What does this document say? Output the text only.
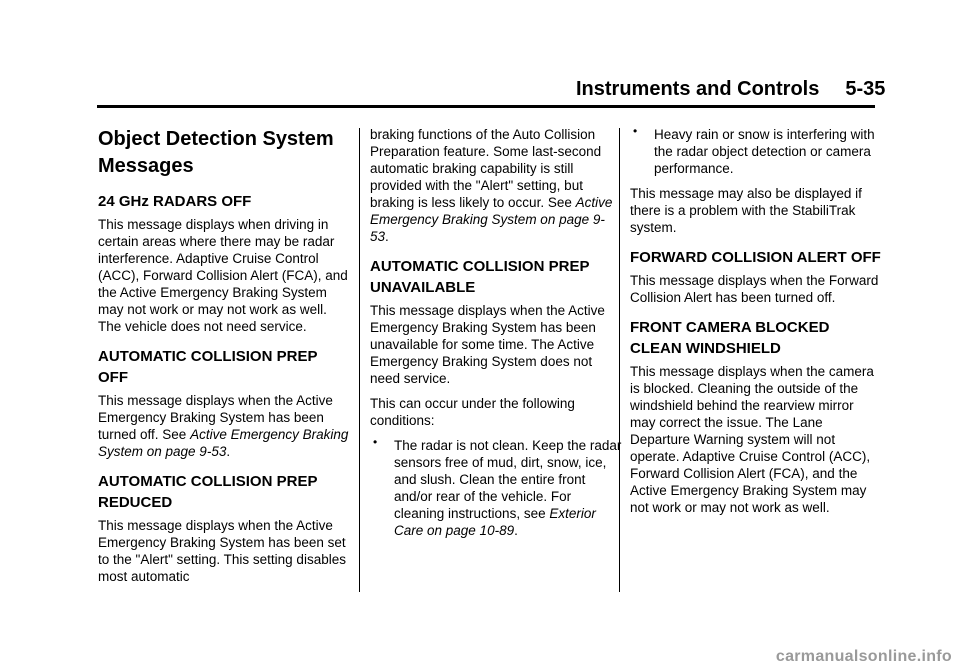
Instruments and Controls 5-35
Object Detection System Messages
24 GHz RADARS OFF

This message displays when driving in certain areas where there may be radar interference. Adaptive Cruise Control (ACC), Forward Collision Alert (FCA), and the Active Emergency Braking System may not work or may not work as well. The vehicle does not need service.

AUTOMATIC COLLISION PREP OFF

This message displays when the Active Emergency Braking System has been turned off. See Active Emergency Braking System on page 9-53.

AUTOMATIC COLLISION PREP REDUCED

This message displays when the Active Emergency Braking System has been set to the "Alert" setting. This setting disables most automatic

braking functions of the Auto Collision Preparation feature. Some last-second automatic braking capability is still provided with the "Alert" setting, but braking is less likely to occur. See Active Emergency Braking System on page 9-53.

AUTOMATIC COLLISION PREP UNAVAILABLE

This message displays when the Active Emergency Braking System has been unavailable for some time. The Active Emergency Braking System does not need service.

This can occur under the following conditions:

• The radar is not clean. Keep the radar sensors free of mud, dirt, snow, ice, and slush. Clean the entire front and/or rear of the vehicle. For cleaning instructions, see Exterior Care on page 10-89.
• Heavy rain or snow is interfering with the radar object detection or camera performance.

This message may also be displayed if there is a problem with the StabiliTrak system.

FORWARD COLLISION ALERT OFF

This message displays when the Forward Collision Alert has been turned off.

FRONT CAMERA BLOCKED CLEAN WINDSHIELD

This message displays when the camera is blocked. Cleaning the outside of the windshield behind the rearview mirror may correct the issue. The Lane Departure Warning system will not operate. Adaptive Cruise Control (ACC), Forward Collision Alert (FCA), and the Active Emergency Braking System may not work or may not work as well.

carmanualsonline.info
